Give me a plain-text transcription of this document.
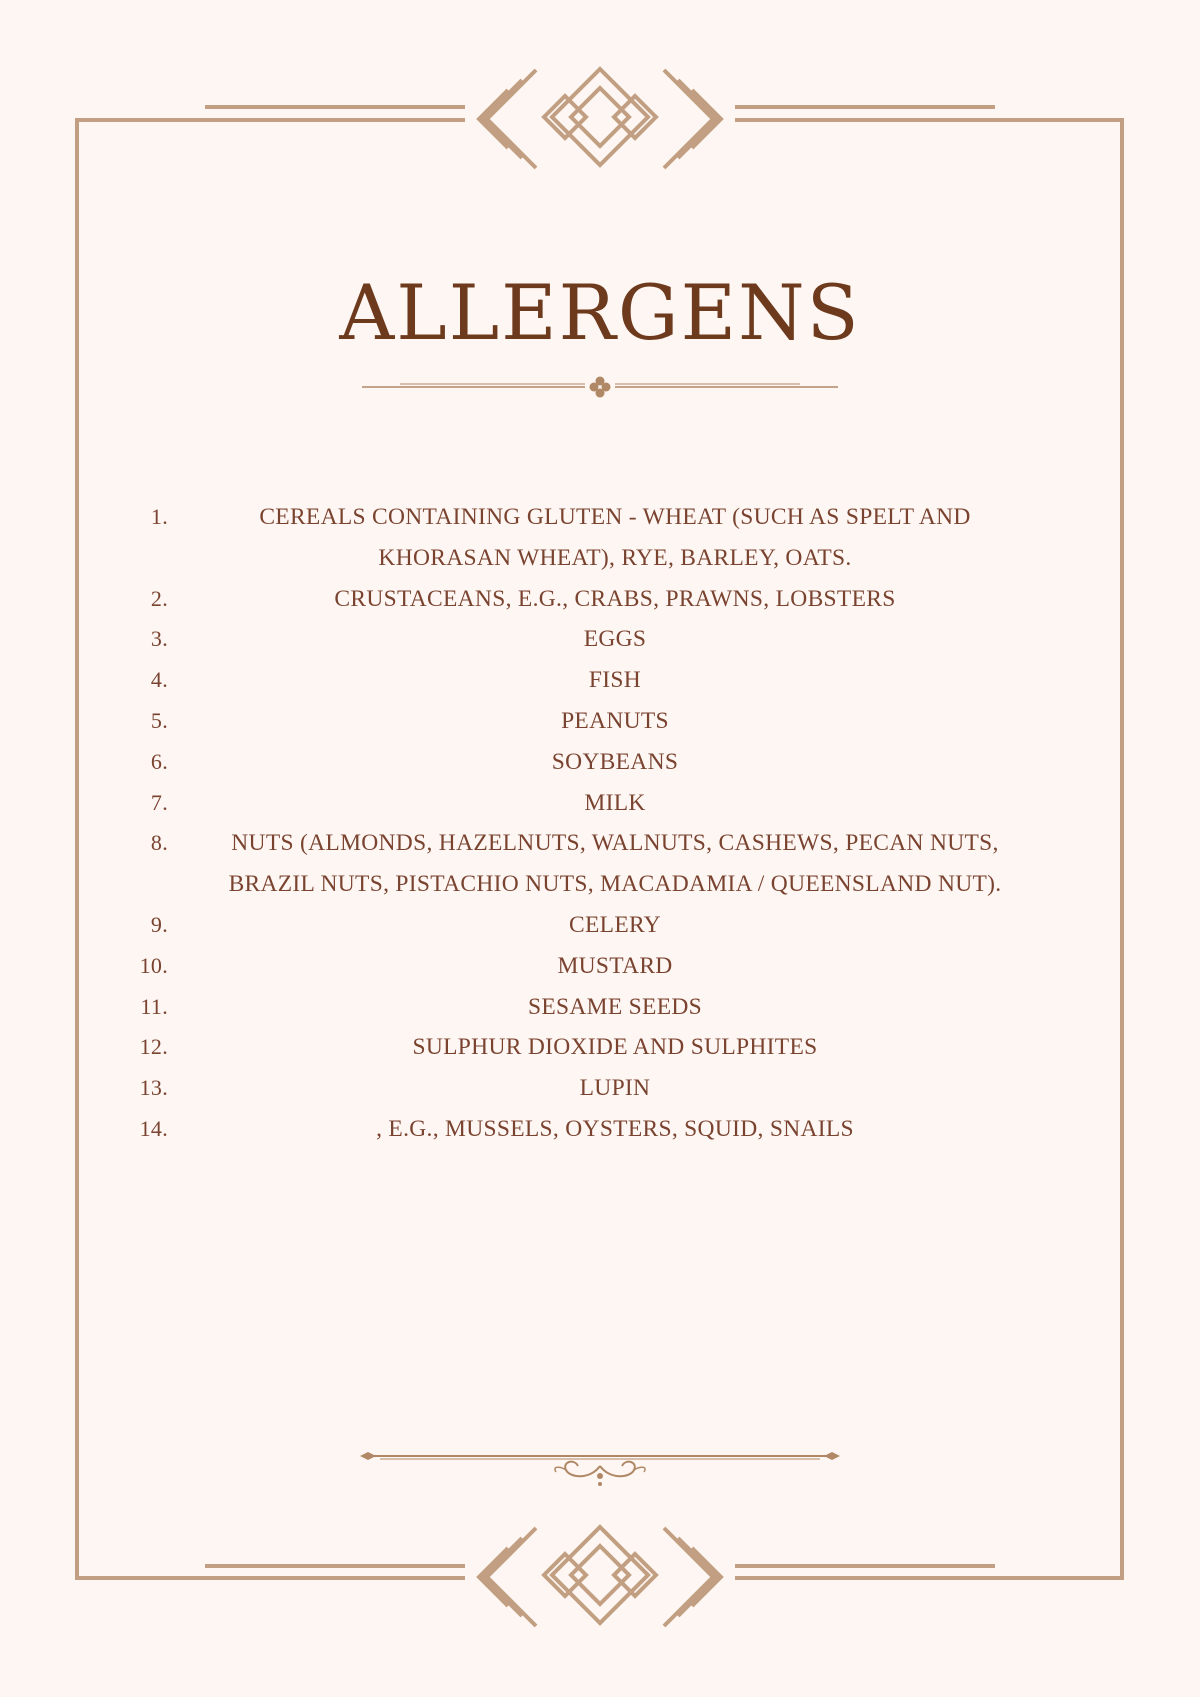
ALLERGENS
1.	CEREALS CONTAINING GLUTEN - WHEAT (SUCH AS SPELT AND KHORASAN WHEAT), RYE, BARLEY, OATS.
2.	CRUSTACEANS, E.G., CRABS, PRAWNS, LOBSTERS
3.	EGGS
4.	FISH
5.	PEANUTS
6.	SOYBEANS
7.	MILK
8.	NUTS (ALMONDS, HAZELNUTS, WALNUTS, CASHEWS, PECAN NUTS, BRAZIL NUTS, PISTACHIO NUTS, MACADAMIA / QUEENSLAND NUT).
9.	CELERY
10.	MUSTARD
11.	SESAME SEEDS
12.	SULPHUR DIOXIDE AND SULPHITES
13.	LUPIN
14.	, E.G., MUSSELS, OYSTERS, SQUID, SNAILS
